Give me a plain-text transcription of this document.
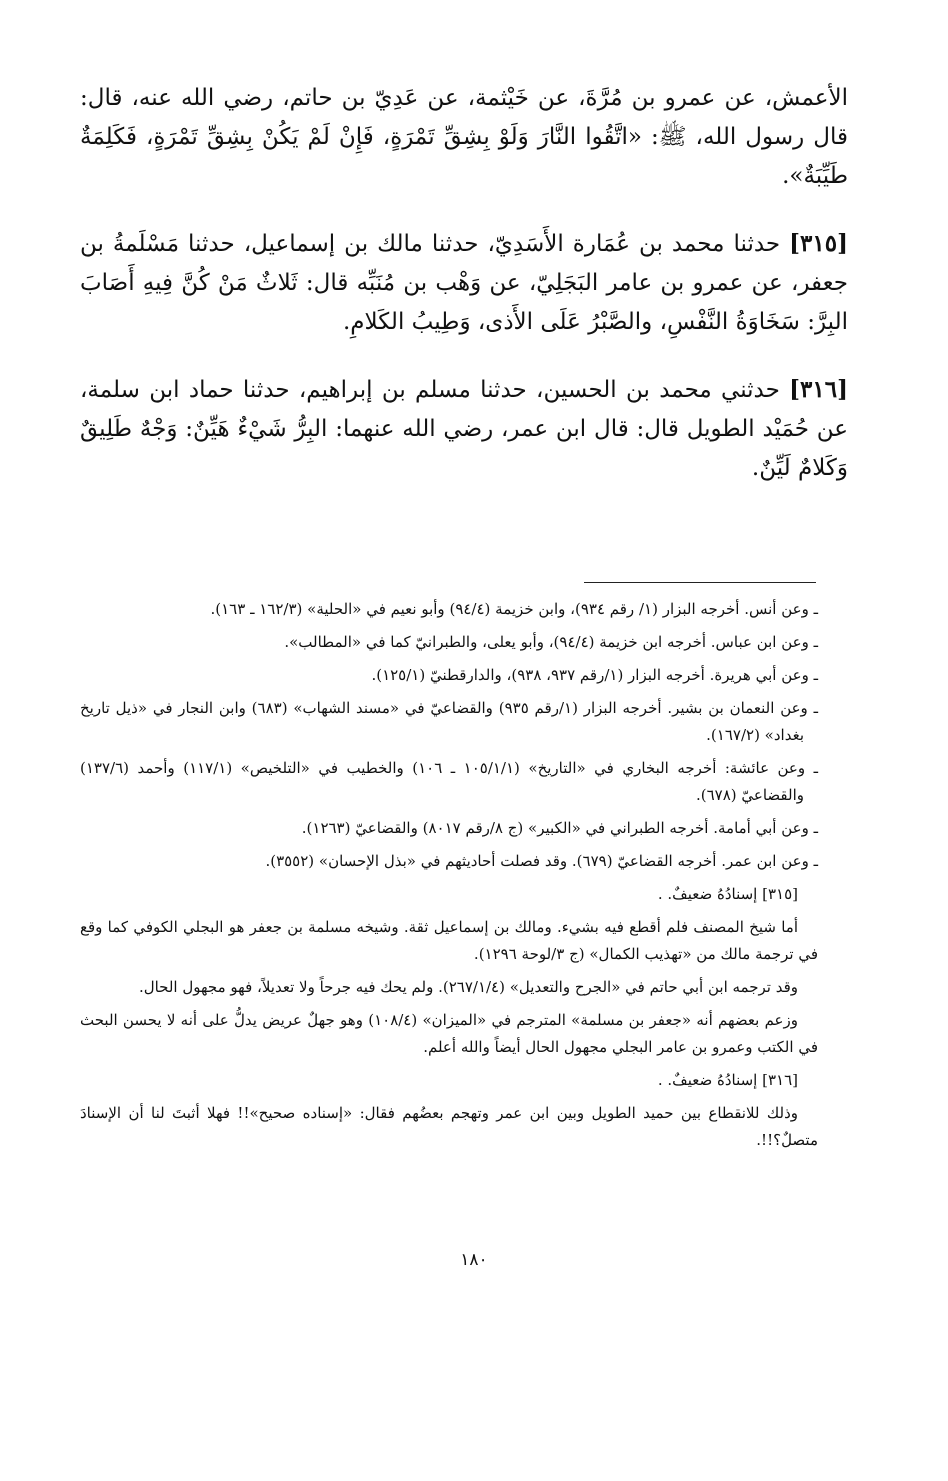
الأعمش، عن عمرو بن مُرَّةَ، عن خَيْثمة، عن عَدِيّ بن حاتم، رضي الله عنه، قال: قال رسول الله، ﷺ: «اتَّقُوا النَّارَ وَلَوْ بِشِقِّ تَمْرَةٍ، فَإِنْ لَمْ يَكُنْ بِشِقِّ تَمْرَةٍ، فَكَلِمَةٌ طَيِّبَةٌ».

[٣١٥] حدثنا محمد بن عُمَارة الأَسَدِيّ، حدثنا مالك بن إسماعيل، حدثنا مَسْلَمةُ بن جعفر، عن عمرو بن عامر البَجَلِيّ، عن وَهْب بن مُنَبِّه قال: ثَلاثٌ مَنْ كُنَّ فِيهِ أَصَابَ البِرَّ: سَخَاوَةُ النَّفْسِ، والصَّبْرُ عَلَى الأَذى، وَطِيبُ الكَلامِ.

[٣١٦] حدثني محمد بن الحسين، حدثنا مسلم بن إبراهيم، حدثنا حماد ابن سلمة، عن حُمَيْد الطويل قال: قال ابن عمر، رضي الله عنهما: البِرُّ شَيْءٌ هَيِّنٌ: وَجْهٌ طَلِيقٌ وَكَلامٌ لَيِّنٌ.

ـ وعن أنس. أخرجه البزار (١/ رقم ٩٣٤)، وابن خزيمة (٩٤/٤) وأبو نعيم في «الحلية» (١٦٢/٣ ـ ١٦٣).

ـ وعن ابن عباس. أخرجه ابن خزيمة (٩٤/٤)، وأبو يعلى، والطبرانيّ كما في «المطالب».

ـ وعن أبي هريرة. أخرجه البزار (١/رقم ٩٣٧، ٩٣٨)، والدارقطنيّ (١٢٥/١).

ـ وعن النعمان بن بشير. أخرجه البزار (١/رقم ٩٣٥) والقضاعيّ في «مسند الشهاب» (٦٨٣) وابن النجار في «ذيل تاريخ بغداد» (١٦٧/٢).

ـ وعن عائشة: أخرجه البخاري في «التاريخ» (١٠٥/١/١ ـ ١٠٦) والخطيب في «التلخيص» (١١٧/١) وأحمد (١٣٧/٦) والقضاعيّ (٦٧٨).

ـ وعن أبي أمامة. أخرجه الطبراني في «الكبير» (ج ٨/رقم ٨٠١٧) والقضاعيّ (١٢٦٣).

ـ وعن ابن عمر. أخرجه القضاعيّ (٦٧٩). وقد فصلت أحاديثهم في «بذل الإحسان» (٣٥٥٢).

[٣١٥] إسنادُهُ ضعيفٌ. .

أما شيخ المصنف فلم أقطع فيه بشيء. ومالك بن إسماعيل ثقة. وشيخه مسلمة بن جعفر هو البجلي الكوفي كما وقع في ترجمة مالك من «تهذيب الكمال» (ج ٣/لوحة ١٢٩٦).

وقد ترجمه ابن أبي حاتم في «الجرح والتعديل» (٢٦٧/١/٤). ولم يحك فيه جرحاً ولا تعديلاً، فهو مجهول الحال.

وزعم بعضهم أنه «جعفر بن مسلمة» المترجم في «الميزان» (١٠٨/٤) وهو جهلٌ عريض يدلُّ على أنه لا يحسن البحث في الكتب وعمرو بن عامر البجلي مجهول الحال أيضاً والله أعلم.

[٣١٦] إسنادُهُ ضعيفٌ. .

وذلك للانقطاع بين حميد الطويل وبين ابن عمر وتهجم بعضُهم فقال: «إسناده صحيح»!! فهلا أثبتَ لنا أن الإسنادَ متصلٌ؟!!.

١٨٠
